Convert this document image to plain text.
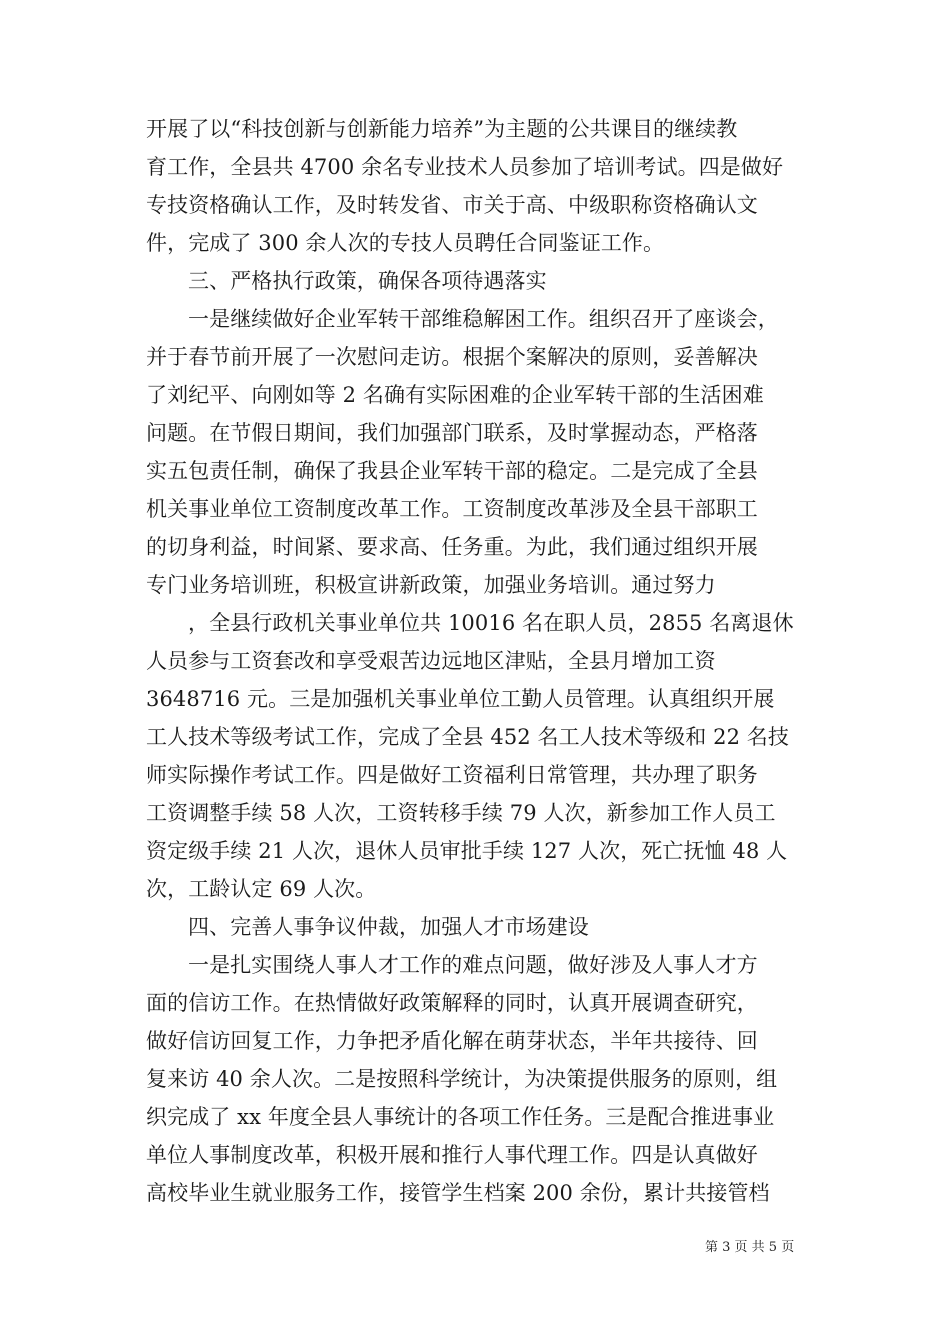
开展了以“科技创新与创新能力培养”为主题的公共课目的继续教
育工作，全县共 4700 余名专业技术人员参加了培训考试。四是做好
专技资格确认工作，及时转发省、市关于高、中级职称资格确认文
件，完成了 300 余人次的专技人员聘任合同鉴证工作。
三、严格执行政策，确保各项待遇落实
一是继续做好企业军转干部维稳解困工作。组织召开了座谈会，
并于春节前开展了一次慰问走访。根据个案解决的原则，妥善解决
了刘纪平、向刚如等 2 名确有实际困难的企业军转干部的生活困难
问题。在节假日期间，我们加强部门联系，及时掌握动态，严格落
实五包责任制，确保了我县企业军转干部的稳定。二是完成了全县
机关事业单位工资制度改革工作。工资制度改革涉及全县干部职工
的切身利益，时间紧、要求高、任务重。为此，我们通过组织开展
专门业务培训班，积极宣讲新政策，加强业务培训。通过努力
，全县行政机关事业单位共 10016 名在职人员，2855 名离退休
人员参与工资套改和享受艰苦边远地区津贴，全县月增加工资
3648716 元。三是加强机关事业单位工勤人员管理。认真组织开展
工人技术等级考试工作，完成了全县 452 名工人技术等级和 22 名技
师实际操作考试工作。四是做好工资福利日常管理，共办理了职务
工资调整手续 58 人次，工资转移手续 79 人次，新参加工作人员工
资定级手续 21 人次，退休人员审批手续 127 人次，死亡抚恤 48 人
次，工龄认定 69 人次。
四、完善人事争议仲裁，加强人才市场建设
一是扎实围绕人事人才工作的难点问题，做好涉及人事人才方
面的信访工作。在热情做好政策解释的同时，认真开展调查研究，
做好信访回复工作，力争把矛盾化解在萌芽状态，半年共接待、回
复来访 40 余人次。二是按照科学统计，为决策提供服务的原则，组
织完成了 xx 年度全县人事统计的各项工作任务。三是配合推进事业
单位人事制度改革，积极开展和推行人事代理工作。四是认真做好
高校毕业生就业服务工作，接管学生档案 200 余份，累计共接管档
第 3 页 共 5 页
